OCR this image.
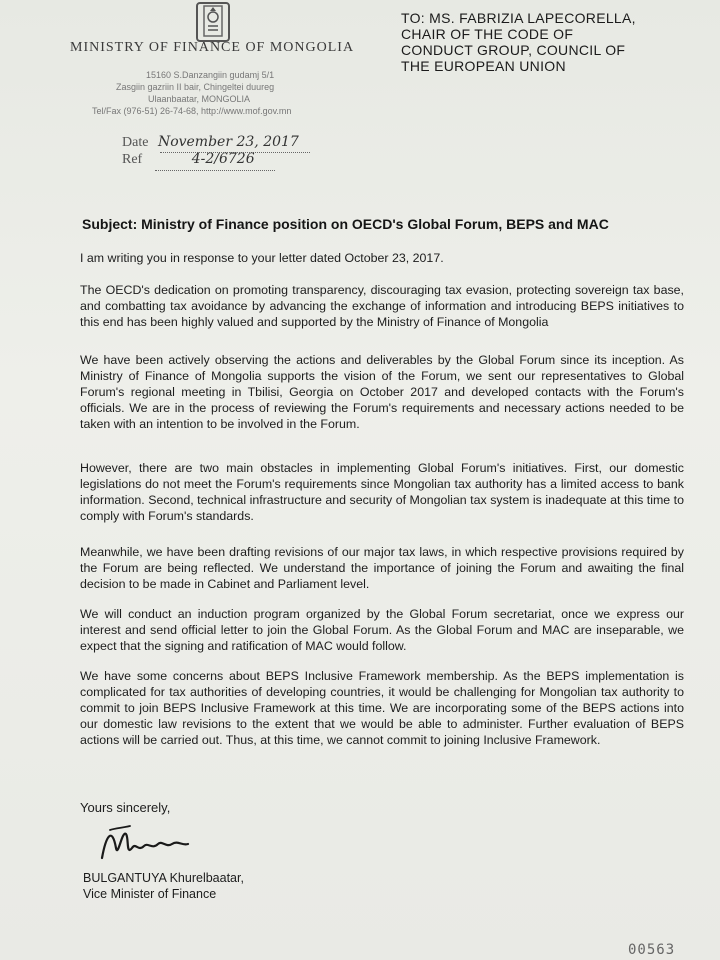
MINISTRY OF FINANCE OF MONGOLIA
15160 S.Danzangiin gudamj 5/1
Zasgiin gazriin II bair, Chingeltei duureg
Ulaanbaatar, MONGOLIA
Tel/Fax (976-51) 26-74-68, http://www.mof.gov.mn
TO: MS. FABRIZIA LAPECORELLA,
CHAIR OF THE CODE OF
CONDUCT GROUP, COUNCIL OF
THE EUROPEAN UNION
Date November 23, 2017
Ref	4-2/6726
Subject: Ministry of Finance position on OECD's Global Forum, BEPS and MAC

I am writing you in response to your letter dated October 23, 2017.

The OECD's dedication on promoting transparency, discouraging tax evasion, protecting sovereign tax base, and combatting tax avoidance by advancing the exchange of information and introducing BEPS initiatives to this end has been highly valued and supported by the Ministry of Finance of Mongolia

We have been actively observing the actions and deliverables by the Global Forum since its inception. As Ministry of Finance of Mongolia supports the vision of the Forum, we sent our representatives to Global Forum's regional meeting in Tbilisi, Georgia on October 2017 and developed contacts with the Forum's officials. We are in the process of reviewing the Forum's requirements and necessary actions needed to be taken with an intention to be involved in the Forum.

However, there are two main obstacles in implementing Global Forum's initiatives. First, our domestic legislations do not meet the Forum's requirements since Mongolian tax authority has a limited access to bank information. Second, technical infrastructure and security of Mongolian tax system is inadequate at this time to comply with Forum's standards.

Meanwhile, we have been drafting revisions of our major tax laws, in which respective provisions required by the Forum are being reflected. We understand the importance of joining the Forum and awaiting the final decision to be made in Cabinet and Parliament level.

We will conduct an induction program organized by the Global Forum secretariat, once we express our interest and send official letter to join the Global Forum. As the Global Forum and MAC are inseparable, we expect that the signing and ratification of MAC would follow.

We have some concerns about BEPS Inclusive Framework membership. As the BEPS implementation is complicated for tax authorities of developing countries, it would be challenging for Mongolian tax authority to commit to join BEPS Inclusive Framework at this time. We are incorporating some of the BEPS actions into our domestic law revisions to the extent that we would be able to administer. Further evaluation of BEPS actions will be carried out. Thus, at this time, we cannot commit to joining Inclusive Framework.

Yours sincerely,
BULGANTUYA Khurelbaatar,
Vice Minister of Finance
00563
